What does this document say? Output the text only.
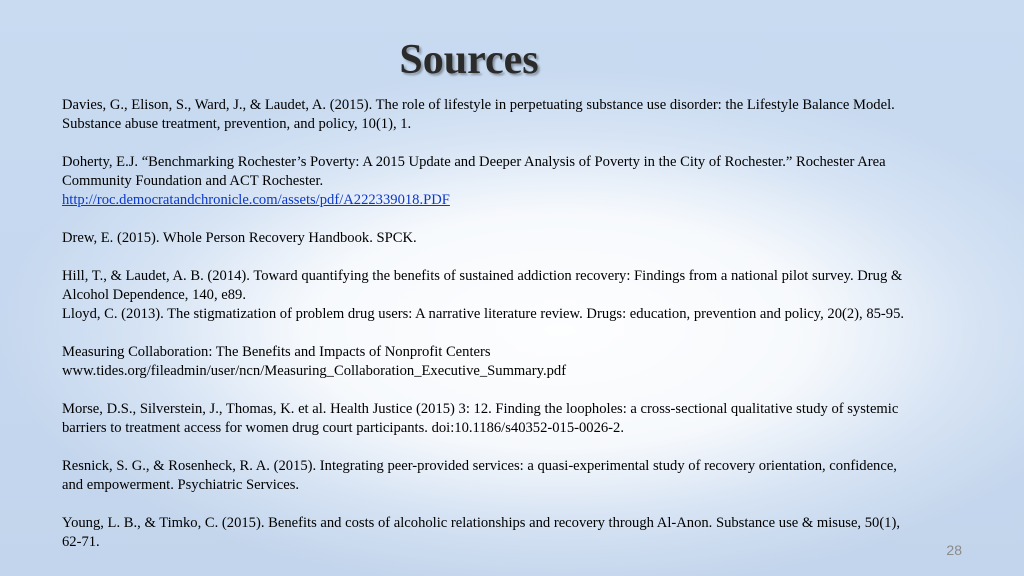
Sources
Davies, G., Elison, S., Ward, J., & Laudet, A. (2015). The role of lifestyle in perpetuating substance use disorder: the Lifestyle Balance Model.
Substance abuse treatment, prevention, and policy, 10(1), 1.
Doherty, E.J. “Benchmarking Rochester’s Poverty: A 2015 Update and Deeper Analysis of Poverty in the City of Rochester.” Rochester Area
Community Foundation and ACT Rochester.
http://roc.democratandchronicle.com/assets/pdf/A222339018.PDF
Drew, E. (2015). Whole Person Recovery Handbook. SPCK.
Hill, T., & Laudet, A. B. (2014). Toward quantifying the benefits of sustained addiction recovery: Findings from a national pilot survey. Drug &
Alcohol Dependence, 140, e89.
Lloyd, C. (2013). The stigmatization of problem drug users: A narrative literature review. Drugs: education, prevention and policy, 20(2), 85-95.
Measuring Collaboration: The Benefits and Impacts of Nonprofit Centers
www.tides.org/fileadmin/user/ncn/Measuring_Collaboration_Executive_Summary.pdf
Morse, D.S., Silverstein, J., Thomas, K. et al. Health Justice (2015) 3: 12. Finding the loopholes: a cross-sectional qualitative study of systemic
barriers to treatment access for women drug court participants. doi:10.1186/s40352-015-0026-2.
Resnick, S. G., & Rosenheck, R. A. (2015). Integrating peer-provided services: a quasi-experimental study of recovery orientation, confidence,
and empowerment. Psychiatric Services.
Young, L. B., & Timko, C. (2015). Benefits and costs of alcoholic relationships and recovery through Al-Anon. Substance use & misuse, 50(1),
62-71.	28
